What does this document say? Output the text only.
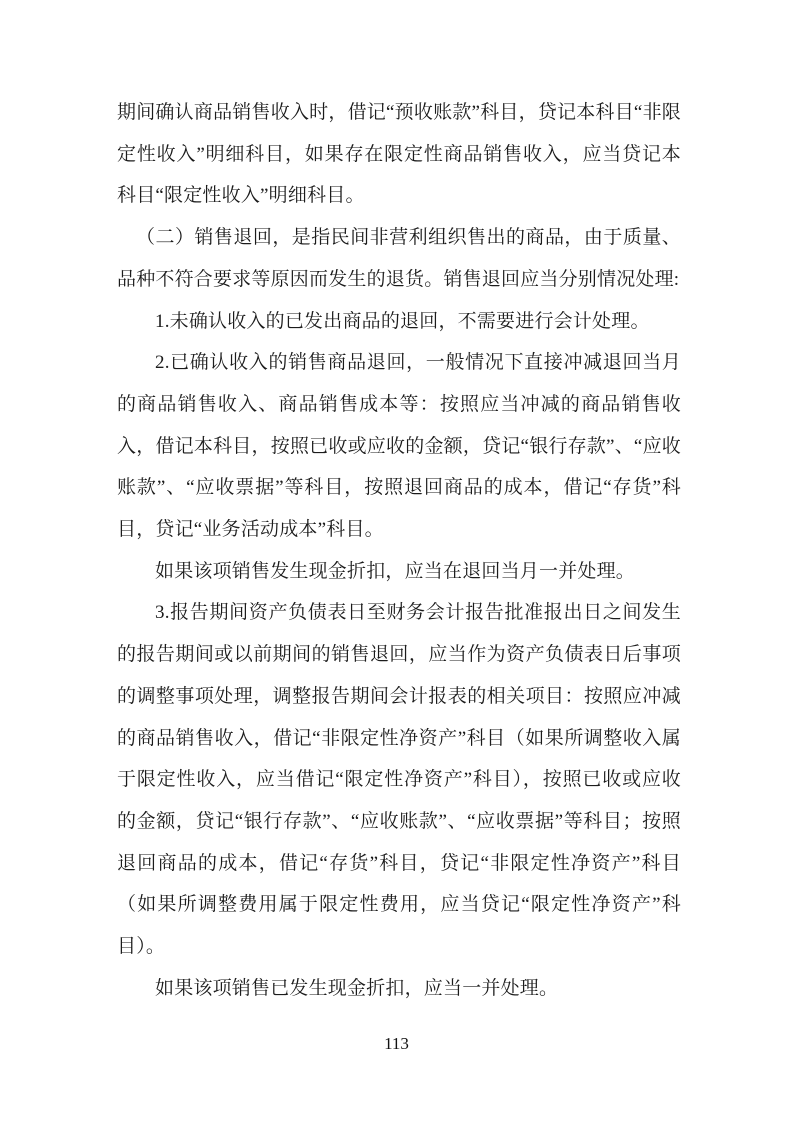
期间确认商品销售收入时，借记“预收账款”科目，贷记本科目“非限定性收入”明细科目，如果存在限定性商品销售收入，应当贷记本科目“限定性收入”明细科目。

（二）销售退回，是指民间非营利组织售出的商品，由于质量、品种不符合要求等原因而发生的退货。销售退回应当分别情况处理:

1.未确认收入的已发出商品的退回，不需要进行会计处理。

2.已确认收入的销售商品退回，一般情况下直接冲减退回当月的商品销售收入、商品销售成本等：按照应当冲减的商品销售收入，借记本科目，按照已收或应收的金额，贷记“银行存款”、“应收账款”、“应收票据”等科目，按照退回商品的成本，借记“存货”科目，贷记“业务活动成本”科目。

如果该项销售发生现金折扣，应当在退回当月一并处理。

3.报告期间资产负债表日至财务会计报告批准报出日之间发生的报告期间或以前期间的销售退回，应当作为资产负债表日后事项的调整事项处理，调整报告期间会计报表的相关项目：按照应冲减的商品销售收入，借记“非限定性净资产”科目（如果所调整收入属于限定性收入，应当借记“限定性净资产”科目），按照已收或应收的金额，贷记“银行存款”、“应收账款”、“应收票据”等科目；按照退回商品的成本，借记“存货”科目，贷记“非限定性净资产”科目（如果所调整费用属于限定性费用，应当贷记“限定性净资产”科目）。

如果该项销售已发生现金折扣，应当一并处理。

113
